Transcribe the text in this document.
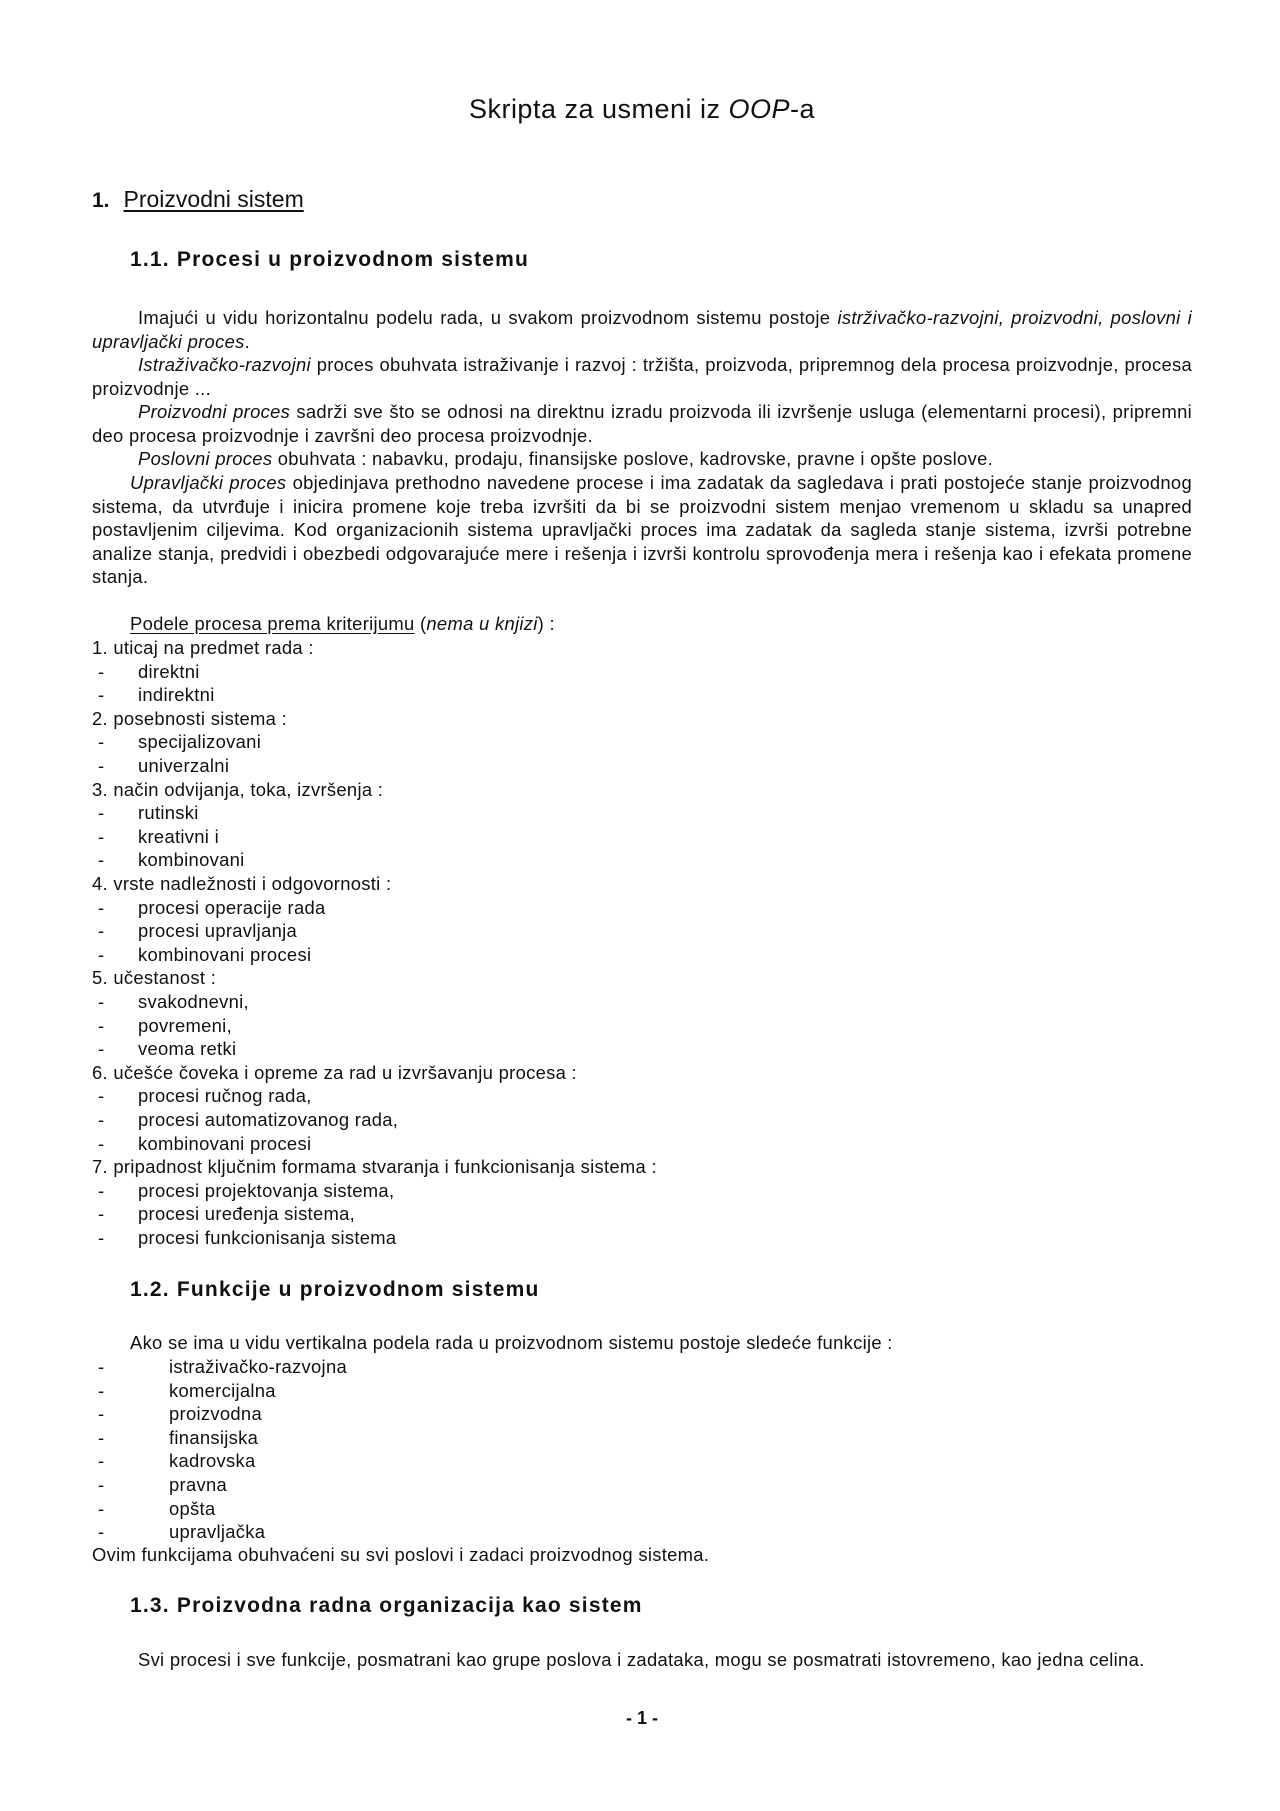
Skripta za usmeni iz OOP-a
1. Proizvodni sistem
1.1. Procesi u proizvodnom sistemu
Imajući u vidu horizontalnu podelu rada, u svakom proizvodnom sistemu postoje istrživačko-razvojni, proizvodni, poslovni i upravljački proces.
Istraživačko-razvojni proces obuhvata istraživanje i razvoj : tržišta, proizvoda, pripremnog dela procesa proizvodnje, procesa proizvodnje ...
Proizvodni proces sadrži sve što se odnosi na direktnu izradu proizvoda ili izvršenje usluga (elementarni procesi), pripremni deo procesa proizvodnje i završni deo procesa proizvodnje.
Poslovni proces obuhvata : nabavku, prodaju, finansijske poslove, kadrovske, pravne i opšte poslove.
Upravljački proces objedinjava prethodno navedene procese i ima zadatak da sagledava i prati postojeće stanje proizvodnog sistema, da utvrđuje i inicira promene koje treba izvršiti da bi se proizvodni sistem menjao vremenom u skladu sa unapred postavljenim ciljevima. Kod organizacionih sistema upravljački proces ima zadatak da sagleda stanje sistema, izvrši potrebne analize stanja, predvidi i obezbedi odgovarajuće mere i rešenja i izvrši kontrolu sprovođenja mera i rešenja kao i efekata promene stanja.
Podele procesa prema kriterijumu (nema u knjizi) :
1. uticaj na predmet rada :
- direktni
- indirektni
2. posebnosti sistema :
- specijalizovani
- univerzalni
3. način odvijanja, toka, izvršenja :
- rutinski
- kreativni i
- kombinovani
4. vrste nadležnosti i odgovornosti :
- procesi operacije rada
- procesi upravljanja
- kombinovani procesi
5. učestanost :
- svakodnevni,
- povremeni,
- veoma retki
6. učešće čoveka i opreme za rad u izvršavanju procesa :
- procesi ručnog rada,
- procesi automatizovanog rada,
- kombinovani procesi
7. pripadnost ključnim formama stvaranja i funkcionisanja sistema :
- procesi projektovanja sistema,
- procesi uređenja sistema,
- procesi funkcionisanja sistema
1.2. Funkcije u proizvodnom sistemu
Ako se ima u vidu vertikalna podela rada u proizvodnom sistemu postoje sledeće funkcije :
-	istraživačko-razvojna
-	komercijalna
-	proizvodna
-	finansijska
-	kadrovska
-	pravna
-	opšta
-	upravljačka
Ovim funkcijama obuhvaćeni su svi poslovi i zadaci proizvodnog sistema.
1.3. Proizvodna radna organizacija kao sistem
Svi procesi i sve funkcije, posmatrani kao grupe poslova i zadataka, mogu se posmatrati istovremeno, kao jedna celina.
- 1 -
